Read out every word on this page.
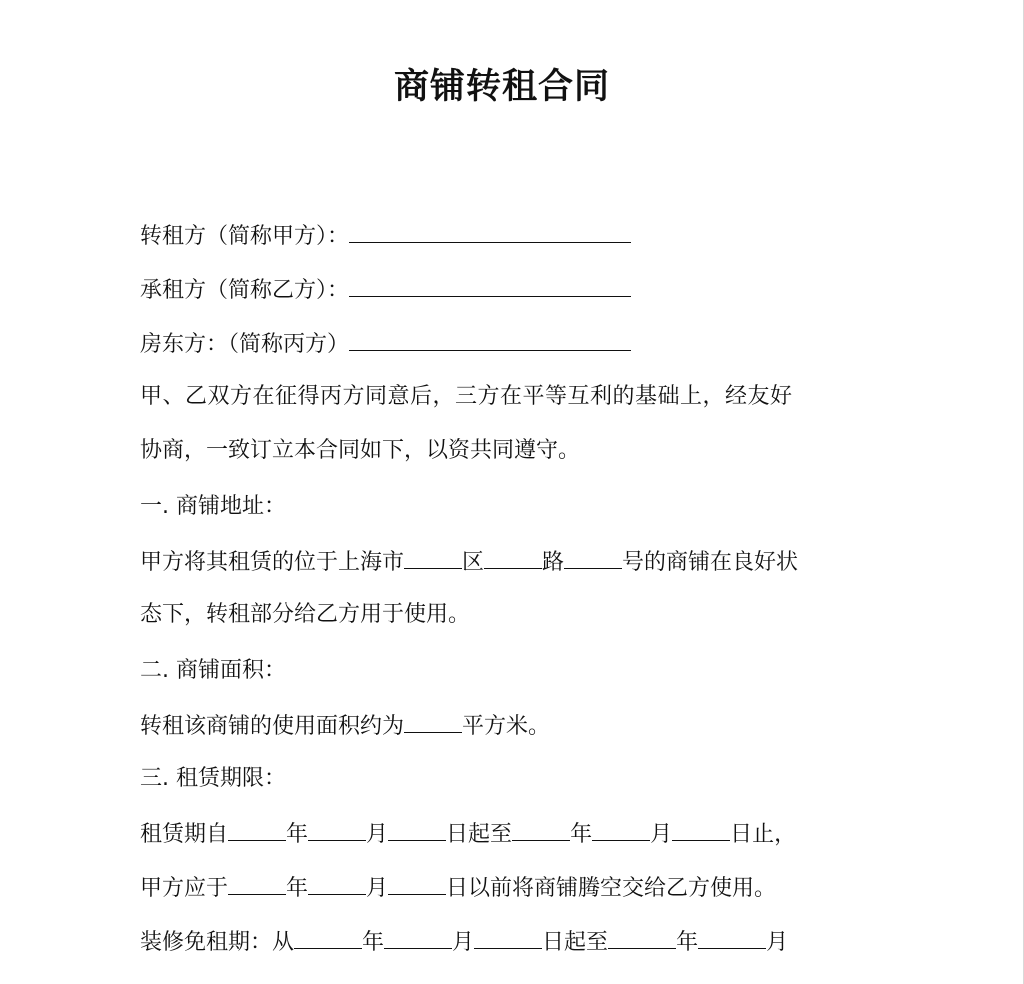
商铺转租合同
转租方（简称甲方）：
承租方（简称乙方）：
房东方：（简称丙方）
甲、乙双方在征得丙方同意后，三方在平等互利的基础上，经友好
协商，一致订立本合同如下，以资共同遵守。
一. 商铺地址：
甲方将其租赁的位于上海市	区	路	号的商铺在良好状
态下，转租部分给乙方用于使用。
二. 商铺面积：
转租该商铺的使用面积约为	平方米。
三. 租赁期限：
租赁期自	年	月	日起至	年	月	日止，
甲方应于	年	月	日以前将商铺腾空交给乙方使用。
装修免租期：从	年	月	日起至	年	月
